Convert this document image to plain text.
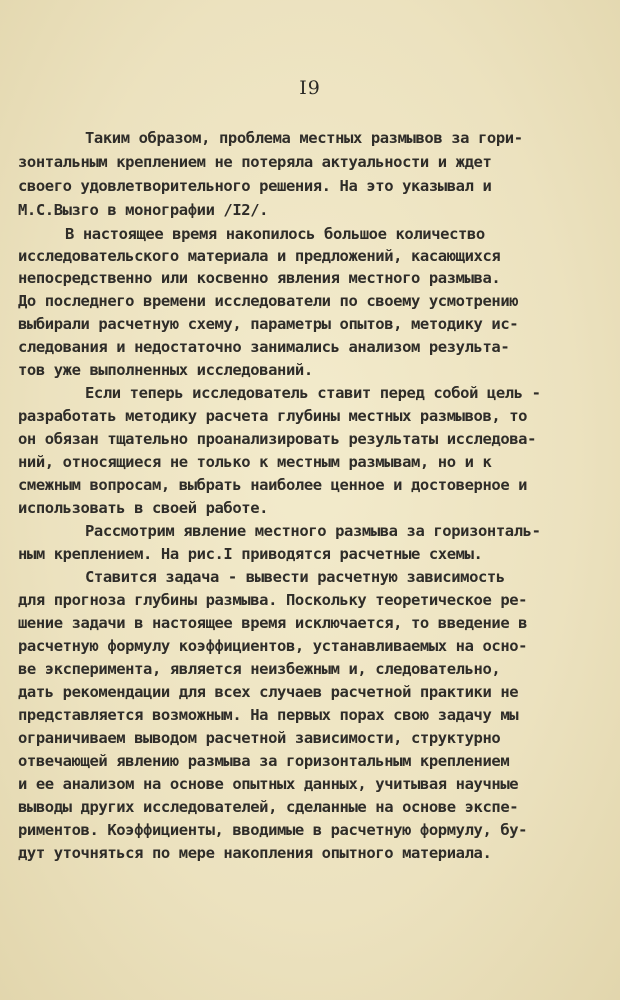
I9
Таким образом, проблема местных размывов за гори-
зонтальным креплением не потеряла актуальности и ждет
своего удовлетворительного решения. На это указывал и
М.С.Вызго в монографии /I2/.
В настоящее время накопилось большое количество
исследовательского материала и предложений, касающихся
непосредственно или косвенно явления местного размыва.
До последнего времени исследователи по своему усмотрению
выбирали расчетную схему, параметры опытов, методику ис-
следования и недостаточно занимались анализом результа-
тов уже выполненных исследований.
Если теперь исследователь ставит перед собой цель -
разработать методику расчета глубины местных размывов, то
он обязан тщательно проанализировать результаты исследова-
ний, относящиеся не только к местным размывам, но и к
смежным вопросам, выбрать наиболее ценное и достоверное и
использовать в своей работе.
Рассмотрим явление местного размыва за горизонталь-
ным креплением. На рис.I приводятся расчетные схемы.
Ставится задача - вывести расчетную зависимость
для прогноза глубины размыва. Поскольку теоретическое ре-
шение задачи в настоящее время исключается, то введение в
расчетную формулу коэффициентов, устанавливаемых на осно-
ве эксперимента, является неизбежным и, следовательно,
дать рекомендации для всех случаев расчетной практики не
представляется возможным. На первых порах свою задачу мы
ограничиваем выводом расчетной зависимости, структурно
отвечающей явлению размыва за горизонтальным креплением
и ее анализом на основе опытных данных, учитывая научные
выводы других исследователей, сделанные на основе экспе-
риментов. Коэффициенты, вводимые в расчетную формулу, бу-
дут уточняться по мере накопления опытного материала.
